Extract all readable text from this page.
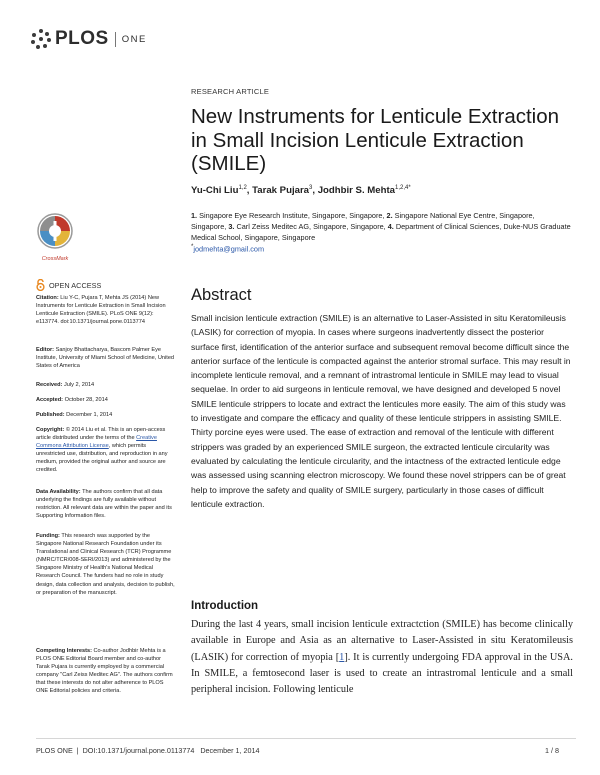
PLOS ONE
RESEARCH ARTICLE
New Instruments for Lenticule Extraction in Small Incision Lenticule Extraction (SMILE)
Yu-Chi Liu$^{1,2}$, Tarak Pujara$^3$, Jodhbir S. Mehta$^{1,2,4*}$
1. Singapore Eye Research Institute, Singapore, Singapore, 2. Singapore National Eye Centre, Singapore, Singapore, 3. Carl Zeiss Meditec AG, Singapore, Singapore, 4. Department of Clinical Sciences, Duke-NUS Graduate Medical School, Singapore, Singapore
*jodmehta@gmail.com
Abstract
Small incision lenticule extraction (SMILE) is an alternative to Laser-Assisted in situ Keratomileusis (LASIK) for correction of myopia. In cases where surgeons inadvertently dissect the posterior surface first, identification of the anterior surface and subsequent removal become difficult since the anterior surface of the lenticule is compacted against the anterior stromal surface. This may result in incomplete lenticule removal, and a remnant of intrastromal lenticule in SMILE may lead to visual sequelae. In order to aid surgeons in lenticule removal, we have designed and developed 5 novel SMILE lenticule strippers to locate and extract the lenticules more easily. The aim of this study was to investigate and compare the efficacy and quality of these lenticule strippers in assisting SMILE. Thirty porcine eyes were used. The ease of extraction and removal of the lenticule with different strippers was graded by an experienced SMILE surgeon, the extracted lenticule circularity was evaluated by calculating the lenticule circularity, and the intactness of the extracted lenticule edge was assessed using scanning electron microscopy. We found these novel strippers can be of great help to improve the safety and quality of SMILE surgery, particularly in those cases of difficult lenticule extraction.
Introduction
During the last 4 years, small incision lenticule extractction (SMILE) has become clinically available in Europe and Asia as an alternative to Laser-Assisted in situ Keratomileusis (LASIK) for correction of myopia [1]. It is currently undergoing FDA approval in the USA. In SMILE, a femtosecond laser is used to create an intrastromal lenticule and a small peripheral incision. Following lenticule
CrossMark
OPEN ACCESS
Citation: Liu Y-C, Pujara T, Mehta JS (2014) New Instruments for Lenticule Extraction in Small Incision Lenticule Extraction (SMILE). PLoS ONE 9(12): e113774. doi:10.1371/journal.pone.0113774
Editor: Sanjoy Bhattacharya, Bascom Palmer Eye Institute, University of Miami School of Medicine, United States of America
Received: July 2, 2014
Accepted: October 28, 2014
Published: December 1, 2014
Copyright: © 2014 Liu et al. This is an open-access article distributed under the terms of the Creative Commons Attribution License, which permits unrestricted use, distribution, and reproduction in any medium, provided the original author and source are credited.
Data Availability: The authors confirm that all data underlying the findings are fully available without restriction. All relevant data are within the paper and its Supporting Information files.
Funding: This research was supported by the Singapore National Research Foundation under its Translational and Clinical Research (TCR) Programme (NMRC/TCR/008-SERI/2013) and administered by the Singapore Ministry of Health's National Medical Research Council. The funders had no role in study design, data collection and analysis, decision to publish, or preparation of the manuscript.
Competing Interests: Co-author Jodhbir Mehta is a PLOS ONE Editorial Board member and co-author Tarak Pujara is currently employed by a commercial company "Carl Zeiss Meditec AG". The authors confirm that these interests do not alter adherence to PLOS ONE Editorial policies and criteria.
PLOS ONE  |  DOI:10.1371/journal.pone.0113774   December 1, 2014	1 / 8
